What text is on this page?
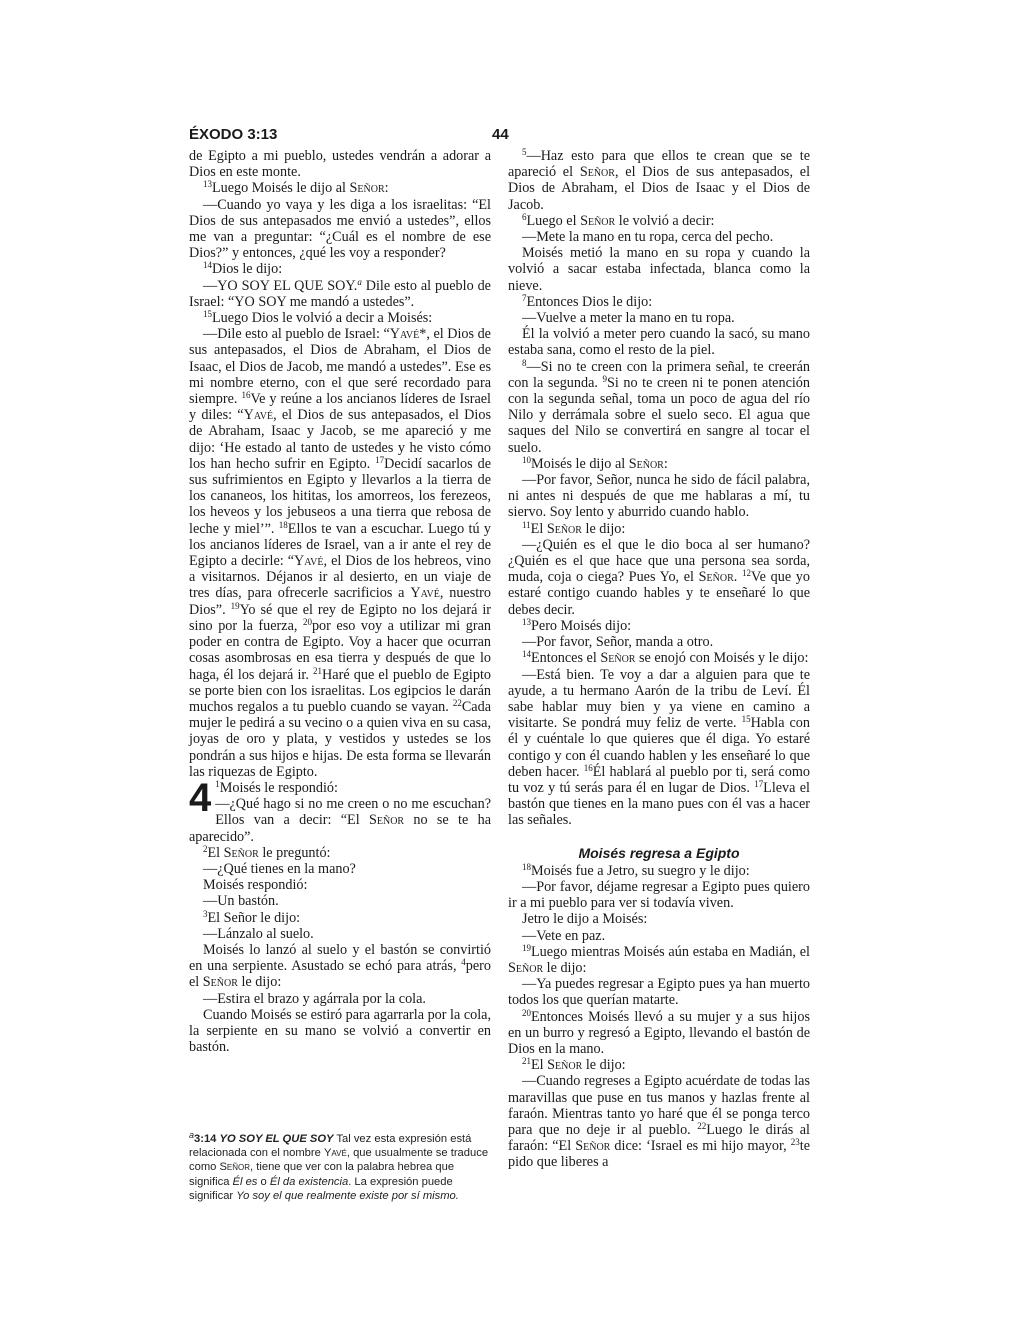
ÉXODO 3:13	44

de Egipto a mi pueblo, ustedes vendrán a adorar a Dios en este monte.

$^{13}$Luego Moisés le dijo al Señor:

—Cuando yo vaya y les diga a los israelitas: “El Dios de sus antepasados me envió a ustedes”, ellos me van a preguntar: “¿Cuál es el nombre de ese Dios?” y entonces, ¿qué les voy a responder?

$^{14}$Dios le dijo:

—YO SOY EL QUE SOY.$^a$ Dile esto al pueblo de Israel: “YO SOY me mandó a ustedes”.

$^{15}$Luego Dios le volvió a decir a Moisés:

—Dile esto al pueblo de Israel: “Yavé*, el Dios de sus antepasados, el Dios de Abraham, el Dios de Isaac, el Dios de Jacob, me mandó a ustedes”. Ese es mi nombre eterno, con el que seré recordado para siempre. $^{16}$Ve y reúne a los ancianos líderes de Israel y diles: “Yavé, el Dios de sus antepasados, el Dios de Abraham, Isaac y Jacob, se me apareció y me dijo: ‘He estado al tanto de ustedes y he visto cómo los han hecho sufrir en Egipto. $^{17}$Decidí sacarlos de sus sufrimientos en Egipto y llevarlos a la tierra de los cananeos, los hititas, los amorreos, los ferezeos, los heveos y los jebuseos a una tierra que rebosa de leche y miel’”. $^{18}$Ellos te van a escuchar. Luego tú y los ancianos líderes de Israel, van a ir ante el rey de Egipto a decirle: “Yavé, el Dios de los hebreos, vino a visitarnos. Déjanos ir al desierto, en un viaje de tres días, para ofrecerle sacrificios a Yavé, nuestro Dios”. $^{19}$Yo sé que el rey de Egipto no los dejará ir sino por la fuerza, $^{20}$por eso voy a utilizar mi gran poder en contra de Egipto. Voy a hacer que ocurran cosas asombrosas en esa tierra y después de que lo haga, él los dejará ir. $^{21}$Haré que el pueblo de Egipto se porte bien con los israelitas. Los egipcios le darán muchos regalos a tu pueblo cuando se vayan. $^{22}$Cada mujer le pedirá a su vecino o a quien viva en su casa, joyas de oro y plata, y vestidos y ustedes se los pondrán a sus hijos e hijas. De esta forma se llevarán las riquezas de Egipto.

4 $^1$Moisés le respondió:
—¿Qué hago si no me creen o no me escuchan? Ellos van a decir: “El Señor no se te ha aparecido”.

$^2$El Señor le preguntó:

—¿Qué tienes en la mano?

Moisés respondió:

—Un bastón.

$^3$El Señor le dijo:

—Lánzalo al suelo.

Moisés lo lanzó al suelo y el bastón se convirtió en una serpiente. Asustado se echó para atrás, $^4$pero el Señor le dijo:

—Estira el brazo y agárrala por la cola.

Cuando Moisés se estiró para agarrarla por la cola, la serpiente en su mano se volvió a convertir en bastón.

$^a$3:14 YO SOY EL QUE SOY Tal vez esta expresión está relacionada con el nombre Yavé, que usualmente se traduce como Señor, tiene que ver con la palabra hebrea que significa Él es o Él da existencia. La expresión puede significar Yo soy el que realmente existe por sí mismo.

$^5$—Haz esto para que ellos te crean que se te apareció el Señor, el Dios de sus antepasados, el Dios de Abraham, el Dios de Isaac y el Dios de Jacob.

$^6$Luego el Señor le volvió a decir:

—Mete la mano en tu ropa, cerca del pecho.

Moisés metió la mano en su ropa y cuando la volvió a sacar estaba infectada, blanca como la nieve.

$^7$Entonces Dios le dijo:

—Vuelve a meter la mano en tu ropa.

Él la volvió a meter pero cuando la sacó, su mano estaba sana, como el resto de la piel.

$^8$—Si no te creen con la primera señal, te creerán con la segunda. $^9$Si no te creen ni te ponen atención con la segunda señal, toma un poco de agua del río Nilo y derrámala sobre el suelo seco. El agua que saques del Nilo se convertirá en sangre al tocar el suelo.

$^{10}$Moisés le dijo al Señor:

—Por favor, Señor, nunca he sido de fácil palabra, ni antes ni después de que me hablaras a mí, tu siervo. Soy lento y aburrido cuando hablo.

$^{11}$El Señor le dijo:

—¿Quién es el que le dio boca al ser humano? ¿Quién es el que hace que una persona sea sorda, muda, coja o ciega? Pues Yo, el Señor. $^{12}$Ve que yo estaré contigo cuando hables y te enseñaré lo que debes decir.

$^{13}$Pero Moisés dijo:

—Por favor, Señor, manda a otro.

$^{14}$Entonces el Señor se enojó con Moisés y le dijo:

—Está bien. Te voy a dar a alguien para que te ayude, a tu hermano Aarón de la tribu de Leví. Él sabe hablar muy bien y ya viene en camino a visitarte. Se pondrá muy feliz de verte. $^{15}$Habla con él y cuéntale lo que quieres que él diga. Yo estaré contigo y con él cuando hablen y les enseñaré lo que deben hacer. $^{16}$Él hablará al pueblo por ti, será como tu voz y tú serás para él en lugar de Dios. $^{17}$Lleva el bastón que tienes en la mano pues con él vas a hacer las señales.

Moisés regresa a Egipto

$^{18}$Moisés fue a Jetro, su suegro y le dijo:

—Por favor, déjame regresar a Egipto pues quiero ir a mi pueblo para ver si todavía viven.

Jetro le dijo a Moisés:

—Vete en paz.

$^{19}$Luego mientras Moisés aún estaba en Madián, el Señor le dijo:

—Ya puedes regresar a Egipto pues ya han muerto todos los que querían matarte.

$^{20}$Entonces Moisés llevó a su mujer y a sus hijos en un burro y regresó a Egipto, llevando el bastón de Dios en la mano.

$^{21}$El Señor le dijo:

—Cuando regreses a Egipto acuérdate de todas las maravillas que puse en tus manos y hazlas frente al faraón. Mientras tanto yo haré que él se ponga terco para que no deje ir al pueblo. $^{22}$Luego le dirás al faraón: “El Señor dice: ‘Israel es mi hijo mayor, $^{23}$te pido que liberes a
